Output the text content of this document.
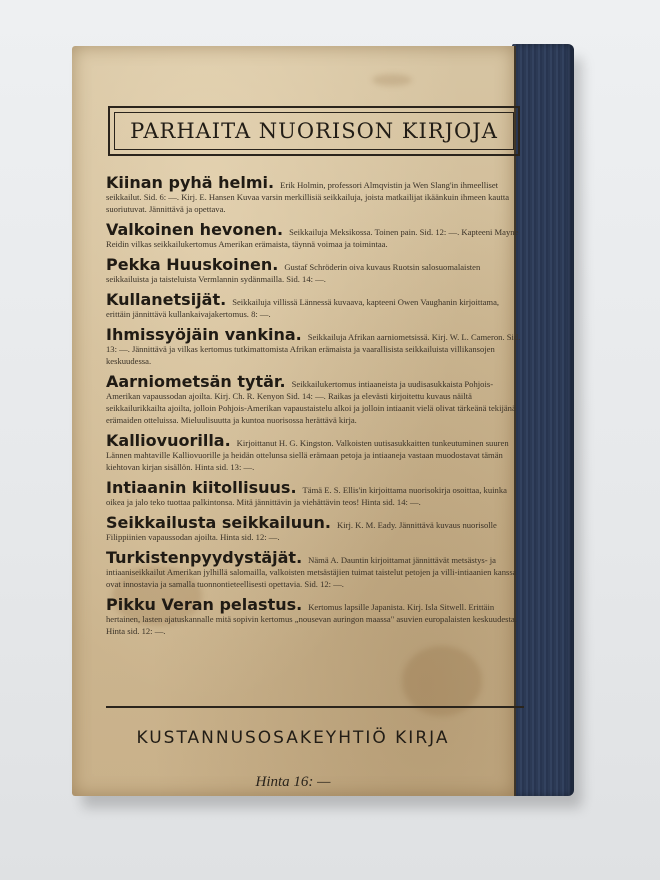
PARHAITA NUORISON KIRJOJA
Kiinan pyhä helmi. Erik Holmin, professori Almqvistin ja Wen Slang'in ihmeelliset seikkailut. Sid. 6: —. Kirj. E. Hansen Kuvaa varsin merkillisiä seikkailuja, joista matkailijat ikäänkuin ihmeen kautta suoriutuvat. Jännittävä ja opettava.
Valkoinen hevonen. Seikkailuja Meksikossa. Toinen pain. Sid. 12: —. Kapteeni Mayne Reidin vilkas seikkailukertomus Amerikan erämaista, täynnä voimaa ja toimintaa.
Pekka Huuskoinen. Gustaf Schröderin oiva kuvaus Ruotsin salosuomalaisten seikkailuista ja taisteluista Vermlannin sydänmailla. Sid. 14: —.
Kullanetsijät. Seikkailuja villissä Lännessä kuvaava, kapteeni Owen Vaughanin kirjoittama, erittäin jännittävä kullankaivajakertomus. 8: —.
Ihmissyöjäin vankina. Seikkailuja Afrikan aarniometsissä. Kirj. W. L. Cameron. Sid. 13: —. Jännittävä ja vilkas kertomus tutkimattomista Afrikan erämaista ja vaarallisista seikkailuista villikansojen keskuudessa.
Aarniometsän tytär. Seikkailukertomus intiaaneista ja uudisasukkaista Pohjois-Amerikan vapaussodan ajoilta. Kirj. Ch. R. Kenyon Sid. 14: —. Raikas ja elevästi kirjoitettu kuvaus näiltä seikkailurikkailta ajoilta, jolloin Pohjois-Amerikan vapaustaistelu alkoi ja jolloin intiaanit vielä olivat tärkeänä tekijänä erämaiden otteluissa. Mieluulisuutta ja kuntoa nuorisossa herättävä kirja.
Kalliovuorilla. Kirjoittanut H. G. Kingston. Valkoisten uutisasukkaitten tunkeutuminen suuren Lännen mahtaville Kalliovuorille ja heidän ottelunsa siellä erämaan petoja ja intiaaneja vastaan muodostavat tämän kiehtovan kirjan sisällön. Hinta sid. 13: —.
Intiaanin kiitollisuus. Tämä E. S. Ellis'in kirjoittama nuorisokirja osoittaa, kuinka oikea ja jalo teko tuottaa palkintonsa. Mitä jännittävin ja viehättävin teos! Hinta sid. 14: —.
Seikkailusta seikkailuun. Kirj. K. M. Eady. Jännittävä kuvaus nuorisolle Filippiinien vapaussodan ajoilta. Hinta sid. 12: —.
Turkistenpyydystäjät. Nämä A. Dauntin kirjoittamat jännittävät metsästys- ja intiaaniseikkailut Amerikan jylhillä salomailla, valkoisten metsästäjien tuimat taistelut petojen ja villi-intiaanien kanssa ovat innostavia ja samalla tuonnontieteellisesti opettavia. Sid. 12: —.
Pikku Veran pelastus. Kertomus lapsille Japanista. Kirj. Isla Sitwell. Erittäin hertainen, lasten ajatuskannalle mitä sopivin kertomus „nousevan auringon maassa" asuvien europalaisten keskuudesta. Hinta sid. 12: —.
KUSTANNUSOSAKEYHTIÖ KIRJA
Hinta 16: —
